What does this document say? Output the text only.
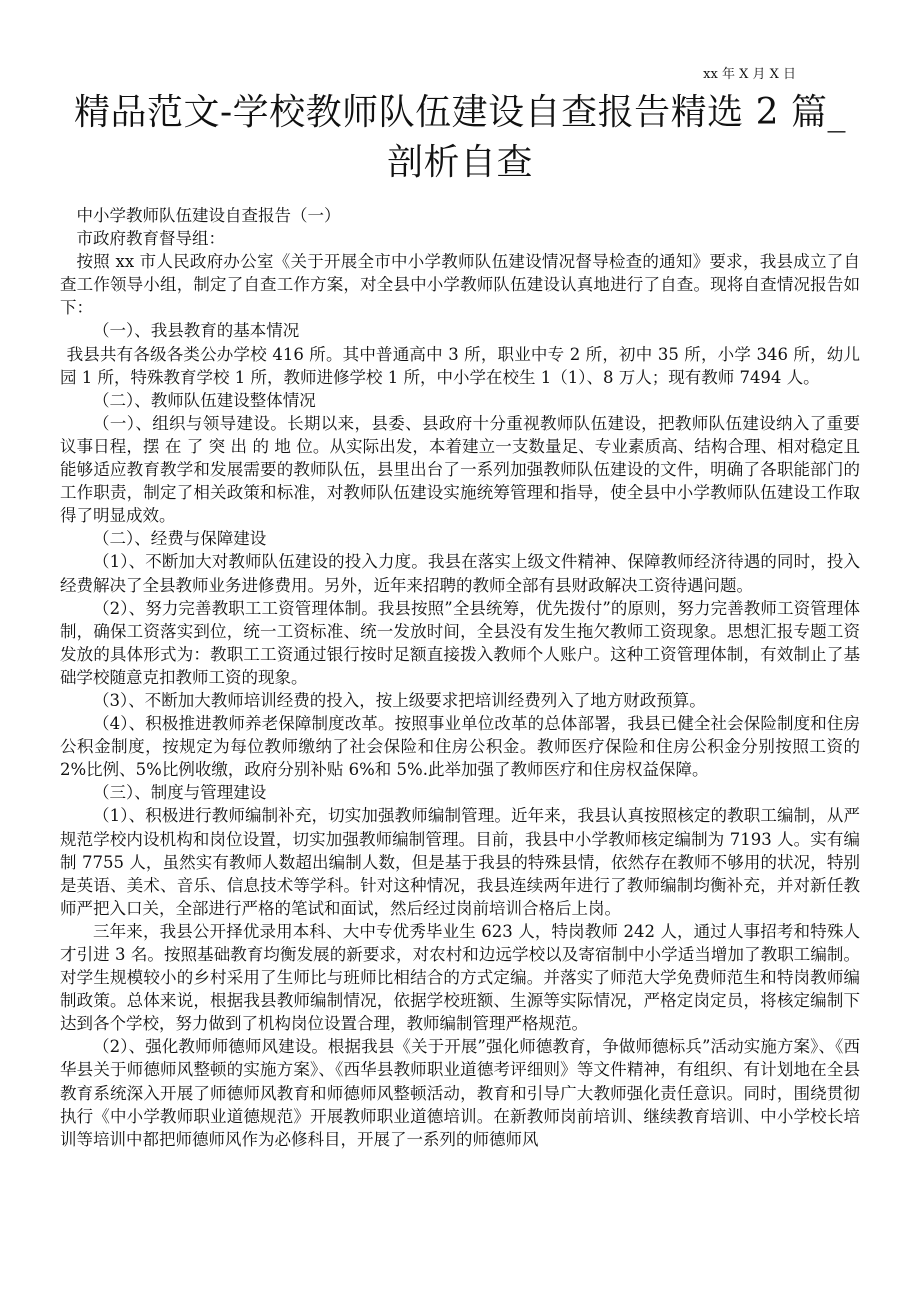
xx 年 X 月 X 日
精品范文-学校教师队伍建设自查报告精选 2 篇_剖析自查

中小学教师队伍建设自查报告（一）

市政府教育督导组：

按照 xx 市人民政府办公室《关于开展全市中小学教师队伍建设情况督导检查的通知》要求，我县成立了自查工作领导小组，制定了自查工作方案，对全县中小学教师队伍建设认真地进行了自查。现将自查情况报告如下：

（一）、我县教育的基本情况

我县共有各级各类公办学校 416 所。其中普通高中 3 所，职业中专 2 所，初中 35 所，小学 346 所，幼儿园 1 所，特殊教育学校 1 所，教师进修学校 1 所，中小学在校生 1（1）、8 万人；现有教师 7494 人。

（二）、教师队伍建设整体情况

（一）、组织与领导建设。长期以来，县委、县政府十分重视教师队伍建设，把教师队伍建设纳入了重要议事日程，摆 在 了 突 出 的 地 位。从实际出发，本着建立一支数量足、专业素质高、结构合理、相对稳定且能够适应教育教学和发展需要的教师队伍，县里出台了一系列加强教师队伍建设的文件，明确了各职能部门的工作职责，制定了相关政策和标准，对教师队伍建设实施统筹管理和指导，使全县中小学教师队伍建设工作取得了明显成效。

（二）、经费与保障建设

（1）、不断加大对教师队伍建设的投入力度。我县在落实上级文件精神、保障教师经济待遇的同时，投入经费解决了全县教师业务进修费用。另外，近年来招聘的教师全部有县财政解决工资待遇问题。

（2）、努力完善教职工工资管理体制。我县按照”全县统筹，优先拨付”的原则，努力完善教师工资管理体制，确保工资落实到位，统一工资标准、统一发放时间，全县没有发生拖欠教师工资现象。思想汇报专题工资发放的具体形式为：教职工工资通过银行按时足额直接拨入教师个人账户。这种工资管理体制，有效制止了基础学校随意克扣教师工资的现象。

（3）、不断加大教师培训经费的投入，按上级要求把培训经费列入了地方财政预算。

（4）、积极推进教师养老保障制度改革。按照事业单位改革的总体部署，我县已健全社会保险制度和住房公积金制度，按规定为每位教师缴纳了社会保险和住房公积金。教师医疗保险和住房公积金分别按照工资的 2%比例、5%比例收缴，政府分别补贴 6%和 5%.此举加强了教师医疗和住房权益保障。

（三）、制度与管理建设

（1）、积极进行教师编制补充，切实加强教师编制管理。近年来，我县认真按照核定的教职工编制，从严规范学校内设机构和岗位设置，切实加强教师编制管理。目前，我县中小学教师核定编制为 7193 人。实有编制 7755 人，虽然实有教师人数超出编制人数，但是基于我县的特殊县情，依然存在教师不够用的状况，特别是英语、美术、音乐、信息技术等学科。针对这种情况，我县连续两年进行了教师编制均衡补充，并对新任教师严把入口关，全部进行严格的笔试和面试，然后经过岗前培训合格后上岗。

三年来，我县公开择优录用本科、大中专优秀毕业生 623 人，特岗教师 242 人，通过人事招考和特殊人才引进 3 名。按照基础教育均衡发展的新要求，对农村和边远学校以及寄宿制中小学适当增加了教职工编制。对学生规模较小的乡村采用了生师比与班师比相结合的方式定编。并落实了师范大学免费师范生和特岗教师编制政策。总体来说，根据我县教师编制情况，依据学校班额、生源等实际情况，严格定岗定员，将核定编制下达到各个学校，努力做到了机构岗位设置合理，教师编制管理严格规范。

（2）、强化教师师德师风建设。根据我县《关于开展”强化师德教育，争做师德标兵”活动实施方案》、《西华县关于师德师风整顿的实施方案》、《西华县教师职业道德考评细则》等文件精神，有组织、有计划地在全县教育系统深入开展了师德师风教育和师德师风整顿活动，教育和引导广大教师强化责任意识。同时，围绕贯彻执行《中小学教师职业道德规范》开展教师职业道德培训。在新教师岗前培训、继续教育培训、中小学校长培训等培训中都把师德师风作为必修科目，开展了一系列的师德师风
